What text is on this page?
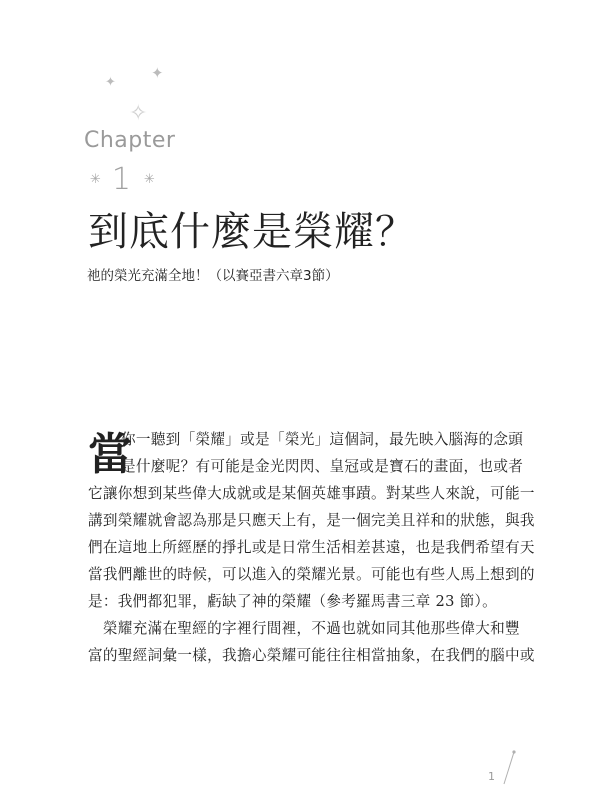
✦
✦
✧
Chapter
✳ 1 ✳
到底什麼是榮耀？
祂的榮光充滿全地！（以賽亞書六章3節）
當
你一聽到「榮耀」或是「榮光」這個詞，最先映入腦海的念頭
是什麼呢？有可能是金光閃閃、皇冠或是寶石的畫面，也或者
它讓你想到某些偉大成就或是某個英雄事蹟。對某些人來說，可能一
講到榮耀就會認為那是只應天上有，是一個完美且祥和的狀態，與我
們在這地上所經歷的掙扎或是日常生活相差甚遠，也是我們希望有天
當我們離世的時候，可以進入的榮耀光景。可能也有些人馬上想到的
是：我們都犯罪，虧缺了神的榮耀（參考羅馬書三章 23 節）。
　榮耀充滿在聖經的字裡行間裡，不過也就如同其他那些偉大和豐
富的聖經詞彙一樣，我擔心榮耀可能往往相當抽象，在我們的腦中或
1
